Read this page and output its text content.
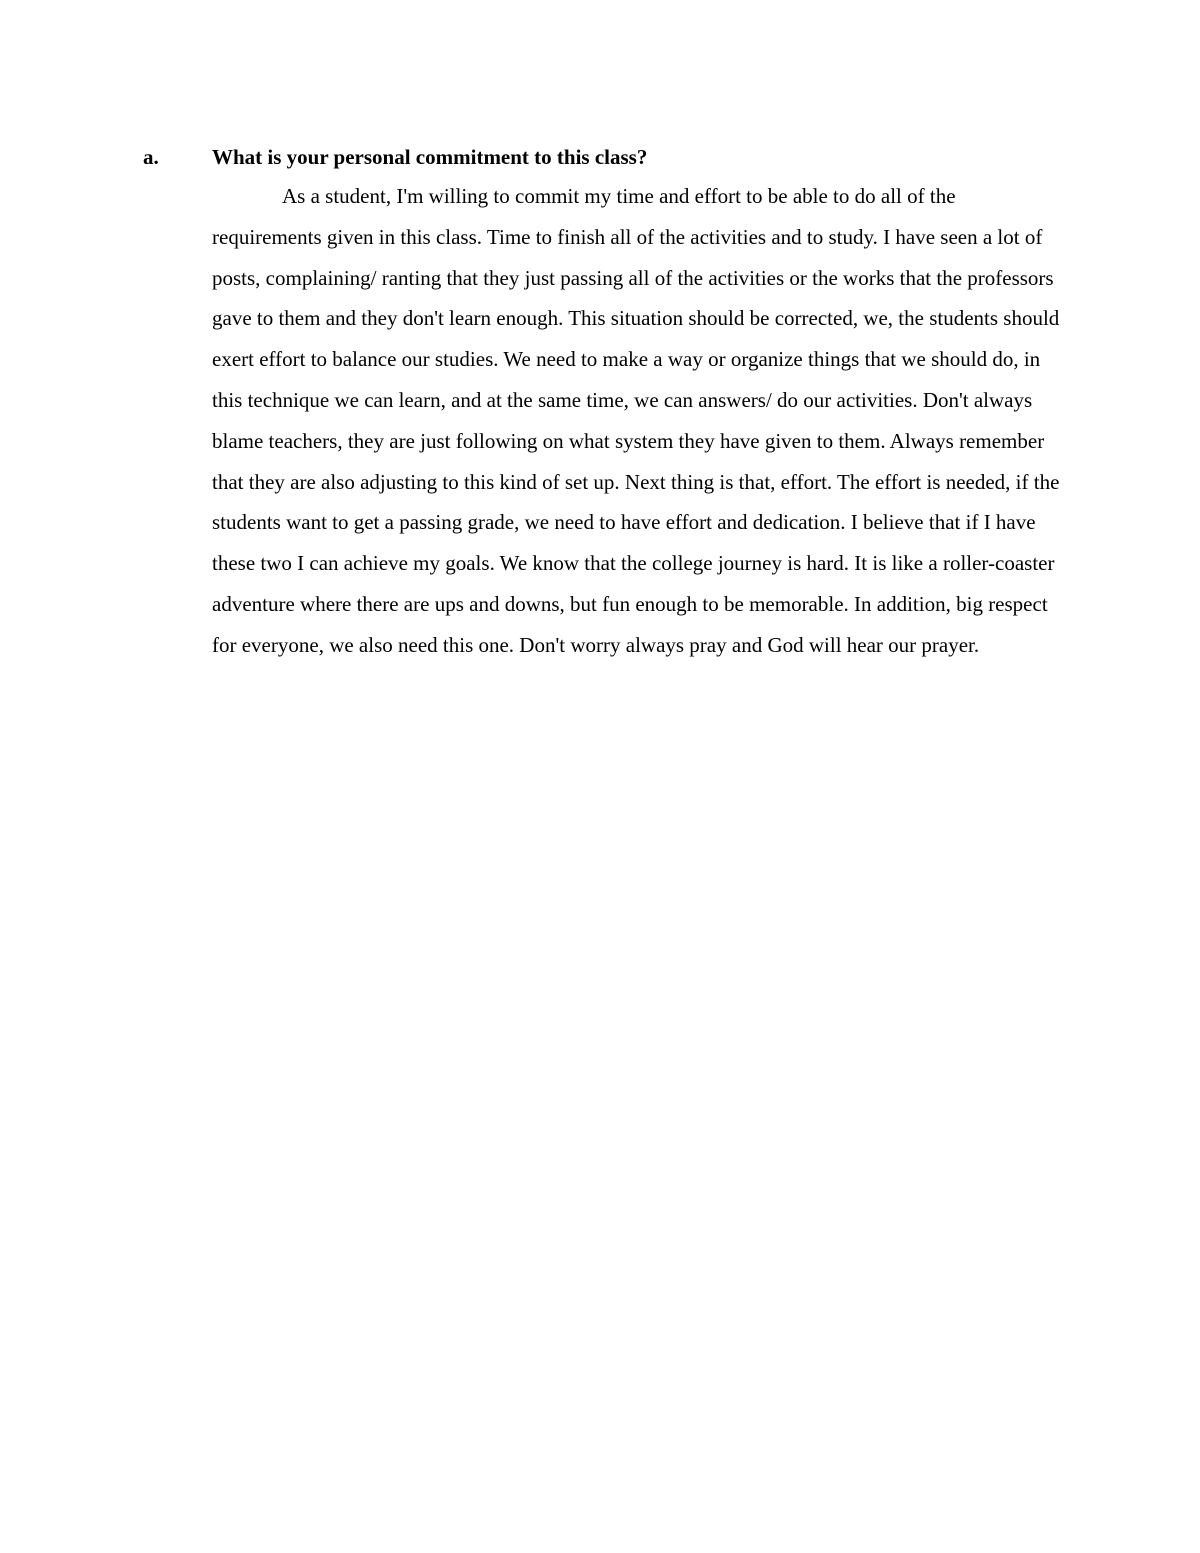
a.	What is your personal commitment to this class?

As a student, I'm willing to commit my time and effort to be able to do all of the requirements given in this class. Time to finish all of the activities and to study. I have seen a lot of posts, complaining/ ranting that they just passing all of the activities or the works that the professors gave to them and they don't learn enough. This situation should be corrected, we, the students should exert effort to balance our studies. We need to make a way or organize things that we should do, in this technique we can learn, and at the same time, we can answers/ do our activities. Don't always blame teachers, they are just following on what system they have given to them. Always remember that they are also adjusting to this kind of set up. Next thing is that, effort. The effort is needed, if the students want to get a passing grade, we need to have effort and dedication. I believe that if I have these two I can achieve my goals. We know that the college journey is hard. It is like a roller-coaster adventure where there are ups and downs, but fun enough to be memorable. In addition, big respect for everyone, we also need this one. Don't worry always pray and God will hear our prayer.
